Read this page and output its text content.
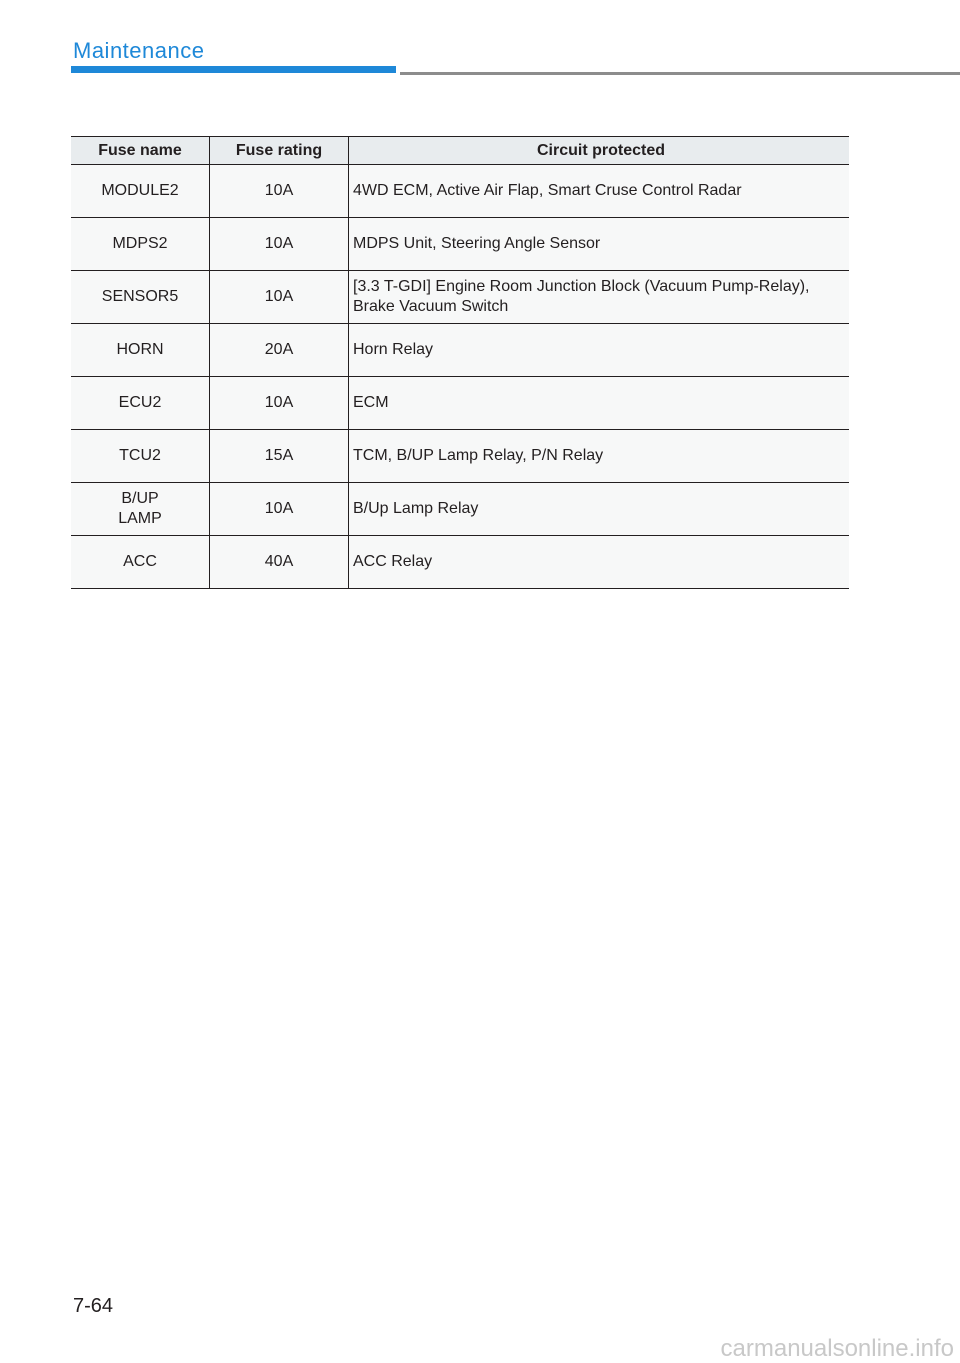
Maintenance
Fuse name	Fuse rating	Circuit protected
MODULE2	10A	4WD ECM, Active Air Flap, Smart Cruse Control Radar
MDPS2	10A	MDPS Unit, Steering Angle Sensor
SENSOR5	10A	[3.3 T-GDI] Engine Room Junction Block (Vacuum Pump-Relay), Brake Vacuum Switch
HORN	20A	Horn Relay
ECU2	10A	ECM
TCU2	15A	TCM, B/UP Lamp Relay, P/N Relay
B/UP LAMP	10A	B/Up Lamp Relay
ACC	40A	ACC Relay
7-64
carmanualsonline.info
